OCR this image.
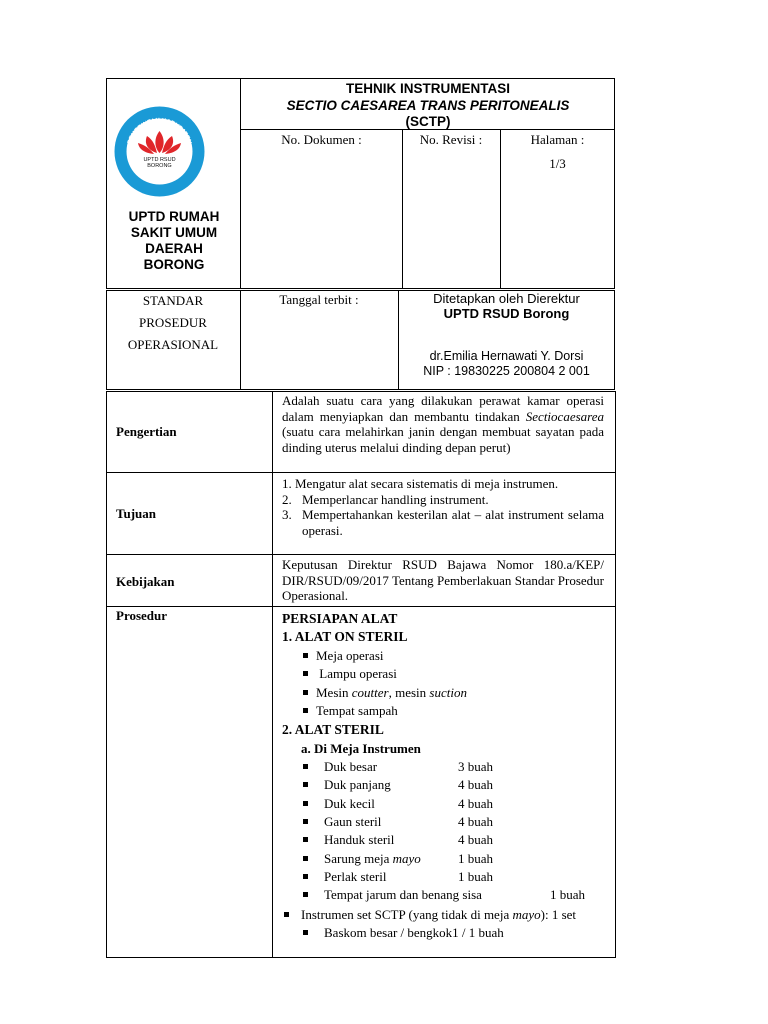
PEMERINTAH KABUPATEN
MANGGARAI TIMUR
UPTD RSUD
BORONG
UPTD RUMAH SAKIT UMUM DAERAH BORONG
TEHNIK INSTRUMENTASI
SECTIO CAESAREA TRANS PERITONEALIS
(SCTP)
No. Dokumen :	No. Revisi :	Halaman :
1/3
STANDAR
PROSEDUR
OPERASIONAL
Tanggal terbit :	Ditetapkan oleh Dierektur
UPTD RSUD Borong
dr.Emilia Hernawati Y. Dorsi
NIP : 19830225 200804 2 001
Pengertian
Adalah suatu cara yang dilakukan perawat kamar operasi dalam menyiapkan dan membantu tindakan Sectiocaesarea (suatu cara melahirkan janin dengan membuat sayatan pada dinding uterus melalui dinding depan perut)
Tujuan
1. Mengatur alat secara sistematis di meja instrumen.
2. Memperlancar handling instrument.
3. Mempertahankan kesterilan alat – alat instrument selama operasi.
Kebijakan
Keputusan Direktur RSUD Bajawa Nomor 180.a/KEP/ DIR/RSUD/09/2017 Tentang Pemberlakuan Standar Prosedur Operasional.
Prosedur	PERSIAPAN ALAT
1. ALAT ON STERIL
Meja operasi
Lampu operasi
Mesin coutter, mesin suction
Tempat sampah
2. ALAT STERIL
a. Di Meja Instrumen
Duk besar	3 buah
Duk panjang	4 buah
Duk kecil	4 buah
Gaun steril	4 buah
Handuk steril	4 buah
Sarung meja mayo	1 buah
Perlak steril	1 buah
Tempat jarum dan benang sisa	1 buah
Instrumen set SCTP (yang tidak di meja mayo): 1 set
Baskom besar / bengkok1 / 1 buah
